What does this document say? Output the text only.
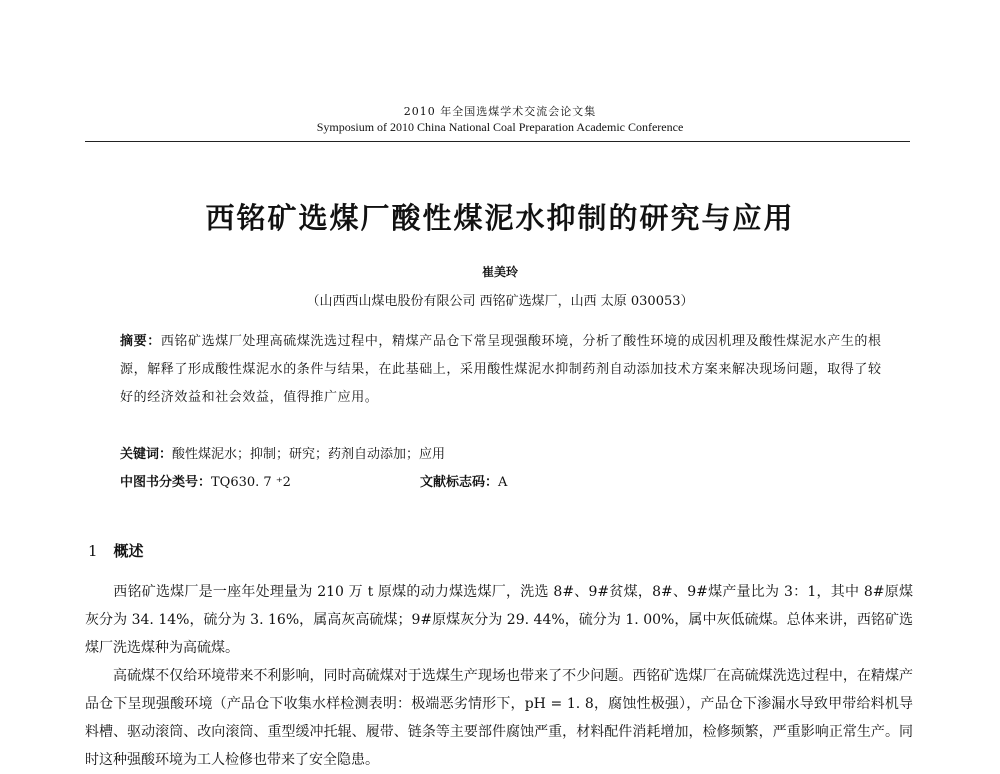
2010 年全国选煤学术交流会论文集
Symposium of 2010 China National Coal Preparation Academic Conference
西铭矿选煤厂酸性煤泥水抑制的研究与应用
崔美玲
（山西西山煤电股份有限公司 西铭矿选煤厂，山西 太原 030053）
摘要：西铭矿选煤厂处理高硫煤洗选过程中，精煤产品仓下常呈现强酸环境，分析了酸性环境的成因机理及酸性煤泥水产生的根源，解释了形成酸性煤泥水的条件与结果，在此基础上，采用酸性煤泥水抑制药剂自动添加技术方案来解决现场问题，取得了较好的经济效益和社会效益，值得推广应用。
关键词：酸性煤泥水；抑制；研究；药剂自动添加；应用
中图书分类号：TQ630. 7 ⁺2	文献标志码：A
1 概述
西铭矿选煤厂是一座年处理量为 210 万 t 原煤的动力煤选煤厂，洗选 8#、9#贫煤，8#、9#煤产量比为 3：1，其中 8#原煤灰分为 34. 14%，硫分为 3. 16%，属高灰高硫煤；9#原煤灰分为 29. 44%，硫分为 1. 00%，属中灰低硫煤。总体来讲，西铭矿选煤厂洗选煤种为高硫煤。
高硫煤不仅给环境带来不利影响，同时高硫煤对于选煤生产现场也带来了不少问题。西铭矿选煤厂在高硫煤洗选过程中，在精煤产品仓下呈现强酸环境（产品仓下收集水样检测表明：极端恶劣情形下，pH = 1. 8，腐蚀性极强），产品仓下渗漏水导致甲带给料机导料槽、驱动滚筒、改向滚筒、重型缓冲托辊、履带、链条等主要部件腐蚀严重，材料配件消耗增加，检修频繁，严重影响正常生产。同时这种强酸环境为工人检修也带来了安全隐患。
